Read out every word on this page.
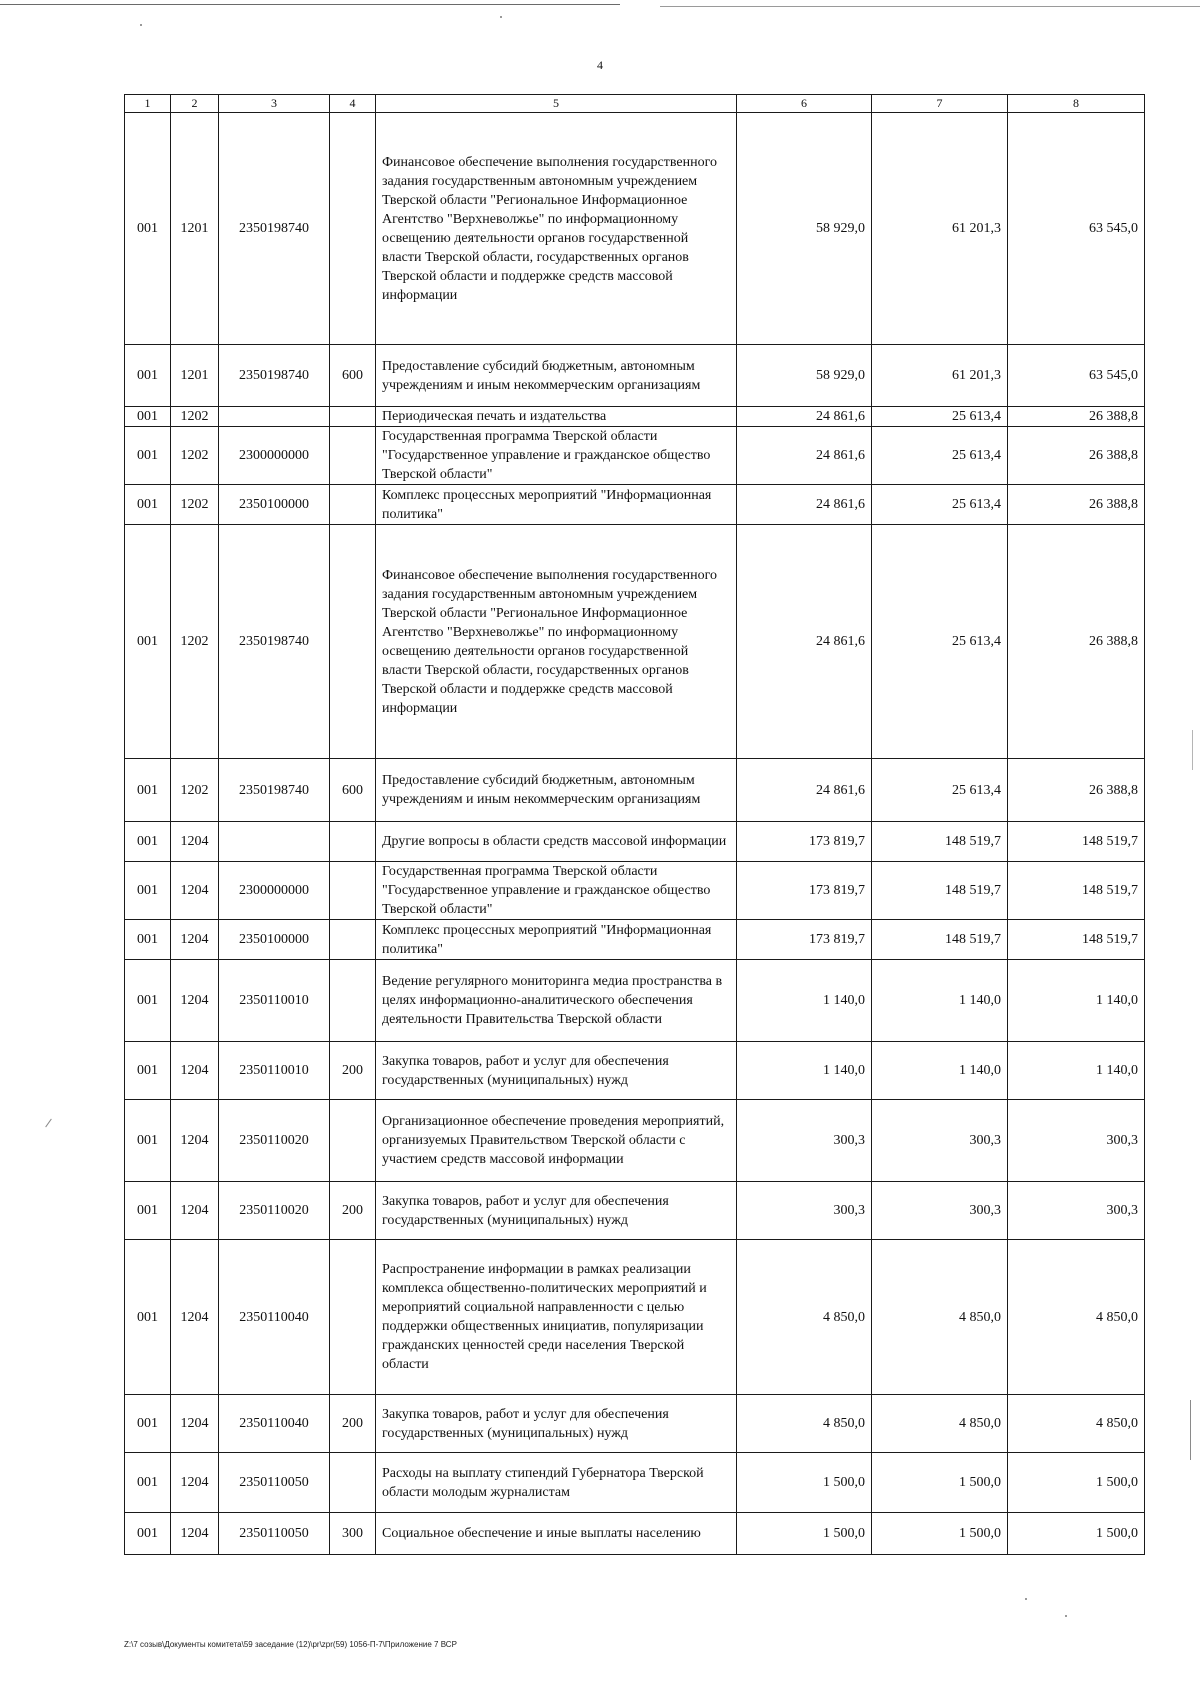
4
1	2	3	4	5	6	7	8
001	1201	2350198740		Финансовое обеспечение выполнения государственного задания государственным автономным учреждением Тверской области "Региональное Информационное Агентство "Верхневолжье" по информационному освещению деятельности органов государственной власти Тверской области, государственных органов Тверской области и поддержке средств массовой информации	58 929,0	61 201,3	63 545,0
001	1201	2350198740	600	Предоставление субсидий бюджетным, автономным учреждениям и иным некоммерческим организациям	58 929,0	61 201,3	63 545,0
001	1202			Периодическая печать и издательства	24 861,6	25 613,4	26 388,8
001	1202	2300000000		Государственная программа Тверской области "Государственное управление и гражданское общество Тверской области"	24 861,6	25 613,4	26 388,8
001	1202	2350100000		Комплекс процессных мероприятий "Информационная политика"	24 861,6	25 613,4	26 388,8
001	1202	2350198740		Финансовое обеспечение выполнения государственного задания государственным автономным учреждением Тверской области "Региональное Информационное Агентство "Верхневолжье" по информационному освещению деятельности органов государственной власти Тверской области, государственных органов Тверской области и поддержке средств массовой информации	24 861,6	25 613,4	26 388,8
001	1202	2350198740	600	Предоставление субсидий бюджетным, автономным учреждениям и иным некоммерческим организациям	24 861,6	25 613,4	26 388,8
001	1204			Другие вопросы в области средств массовой информации	173 819,7	148 519,7	148 519,7
001	1204	2300000000		Государственная программа Тверской области "Государственное управление и гражданское общество Тверской области"	173 819,7	148 519,7	148 519,7
001	1204	2350100000		Комплекс процессных мероприятий "Информационная политика"	173 819,7	148 519,7	148 519,7
001	1204	2350110010		Ведение регулярного мониторинга медиа пространства в целях информационно-аналитического обеспечения деятельности Правительства Тверской области	1 140,0	1 140,0	1 140,0
001	1204	2350110010	200	Закупка товаров, работ и услуг для обеспечения государственных (муниципальных) нужд	1 140,0	1 140,0	1 140,0
001	1204	2350110020		Организационное обеспечение проведения мероприятий, организуемых Правительством Тверской области с участием средств массовой информации	300,3	300,3	300,3
001	1204	2350110020	200	Закупка товаров, работ и услуг для обеспечения государственных (муниципальных) нужд	300,3	300,3	300,3
001	1204	2350110040		Распространение информации в рамках реализации комплекса общественно-политических мероприятий и мероприятий социальной направленности с целью поддержки общественных инициатив, популяризации гражданских ценностей среди населения Тверской области	4 850,0	4 850,0	4 850,0
001	1204	2350110040	200	Закупка товаров, работ и услуг для обеспечения государственных (муниципальных) нужд	4 850,0	4 850,0	4 850,0
001	1204	2350110050		Расходы на выплату стипендий Губернатора Тверской области молодым журналистам	1 500,0	1 500,0	1 500,0
001	1204	2350110050	300	Социальное обеспечение и иные выплаты населению	1 500,0	1 500,0	1 500,0
Z:\7 созыв\Документы комитета\59 заседание (12)\pr\zpr(59) 1056-П-7\Приложение 7 ВСР
